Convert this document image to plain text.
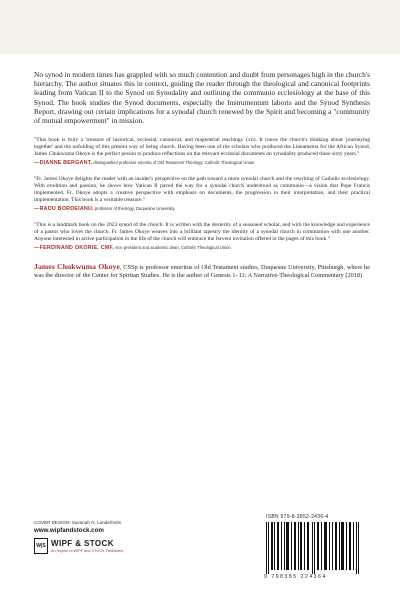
No synod in modern times has grappled with so much contention and doubt from personages high in the church's hierarchy. The author situates this in context, guiding the reader through the theological and canonical footprints leading from Vatican II to the Synod on Synodality and outlining the communio ecclesiology at the base of this Synod. The book studies the Synod documents, especially the Instrumentum laboris and the Synod Synthesis Report, drawing out certain implications for a synodal church renewed by the Spirit and becoming a "community of mutual empowerment" in mission.

"This book is truly a 'treasure of historical, ecclesial, canonical, and magisterial teachings' (xii). It traces the church's thinking about 'journeying together' and the unfolding of this present way of being church. Having been one of the scholars who produced the Lineamenta for the African Synod, James Chukwuma Okoye is the perfect person to produce reflections on the relevant ecclesial documents on synodality produced these sixty years."

—DIANNE BERGANT, distinguished professor emerita of Old Testament Theology, Catholic Theological Union

"Fr. James Okoye delights the reader with an insider's perspective on the path toward a more synodal church and the rewriting of Catholic ecclesiology. With erudition and passion, he shows how Vatican II paved the way for a synodal church understood as communio—a vision that Pope Francis implemented. Fr. Okoye adopts a creative perspective with emphasis on documents, the progression in their interpretation, and their practical implementation. This book is a veritable treasure."

—RADU BORDEIANU, professor of theology, Duquesne University

"This is a landmark book on the 2023 synod of the church. It is written with the dexterity of a seasoned scholar, and with the knowledge and experience of a pastor who loves the church. Fr. James Okoye weaves into a brilliant tapestry the identity of a synodal church in communion with one another. Anyone interested in active participation in the life of the church will embrace the fervent invitation offered in the pages of this book."

—FERDINAND OKORIE, CMF, vice president and academic dean, Catholic Theological Union
James Chukwuma Okoye, CSSp is professor emeritus of Old Testament studies, Duquesne University, Pittsburgh, where he was the director of the Center for Spiritan Studies. He is the author of Genesis 1–11: A Narrative-Theological Commentary (2018).
COVER DESIGN: Savanah N. Landerholm
www.wipfandstock.com
W|S WIPF & STOCK
An Imprint of WIPF and STOCK Publishers
ISBN 979-8-3852-2436-4
9 798385 224364
